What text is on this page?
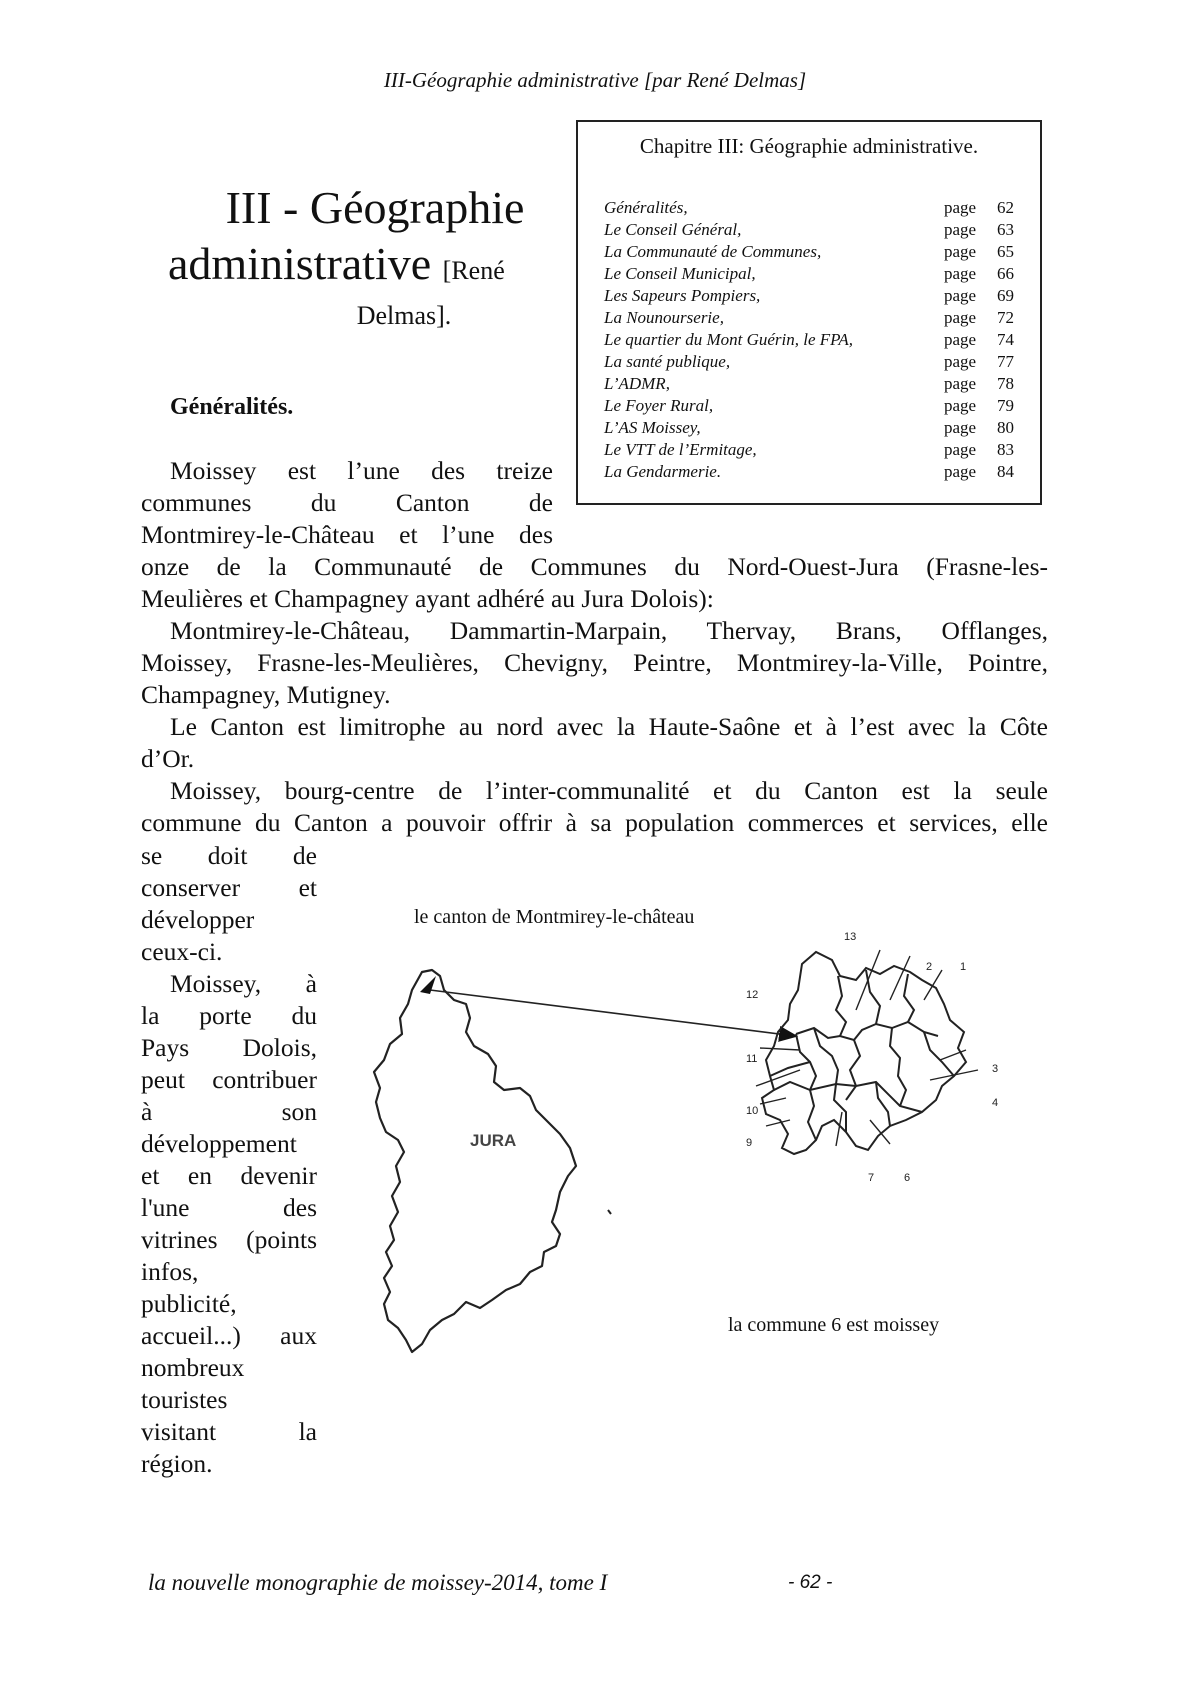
III-Géographie administrative [par René Delmas]
III - Géographie
administrative [René
Delmas].
Chapitre III: Géographie administrative.
Généralités,	page	62
Le Conseil Général,	page	63
La Communauté de Communes,	page	65
Le Conseil Municipal,	page	66
Les Sapeurs Pompiers,	page	69
La Nounourserie,	page	72
Le quartier du Mont Guérin, le FPA,	page	74
La santé publique,	page	77
L’ADMR,	page	78
Le Foyer Rural,	page	79
L’AS Moissey,	page	80
Le VTT de l’Ermitage,	page	83
La Gendarmerie.	page	84
Généralités.
Moissey est l’une des treize
communes du Canton de
Montmirey-le-Château et l’une des
onze de la Communauté de Communes du Nord-Ouest-Jura (Frasne-les-
Meulières et Champagney ayant adhéré au Jura Dolois):
Montmirey-le-Château, Dammartin-Marpain, Thervay, Brans, Offlanges,
Moissey, Frasne-les-Meulières, Chevigny, Peintre, Montmirey-la-Ville, Pointre,
Champagney, Mutigney.
Le Canton est limitrophe au nord avec la Haute-Saône et à l’est avec la Côte
d’Or.
Moissey, bourg-centre de l’inter-communalité et du Canton est la seule
commune du Canton a pouvoir offrir à sa population commerces et services, elle
se doit de
conserver et
développer
ceux-ci.
Moissey, à
la porte du
Pays Dolois,
peut contribuer
à son
développement
et en devenir
l'une des
vitrines (points
infos,
publicité,
accueil...) aux
nombreux
touristes
visitant la
région.
le canton de Montmirey-le-château
JURA
13
2	1
12
3
11
4
10
9
7	6
la commune 6 est moissey
la nouvelle monographie de moissey-2014, tome I	- 62 -
